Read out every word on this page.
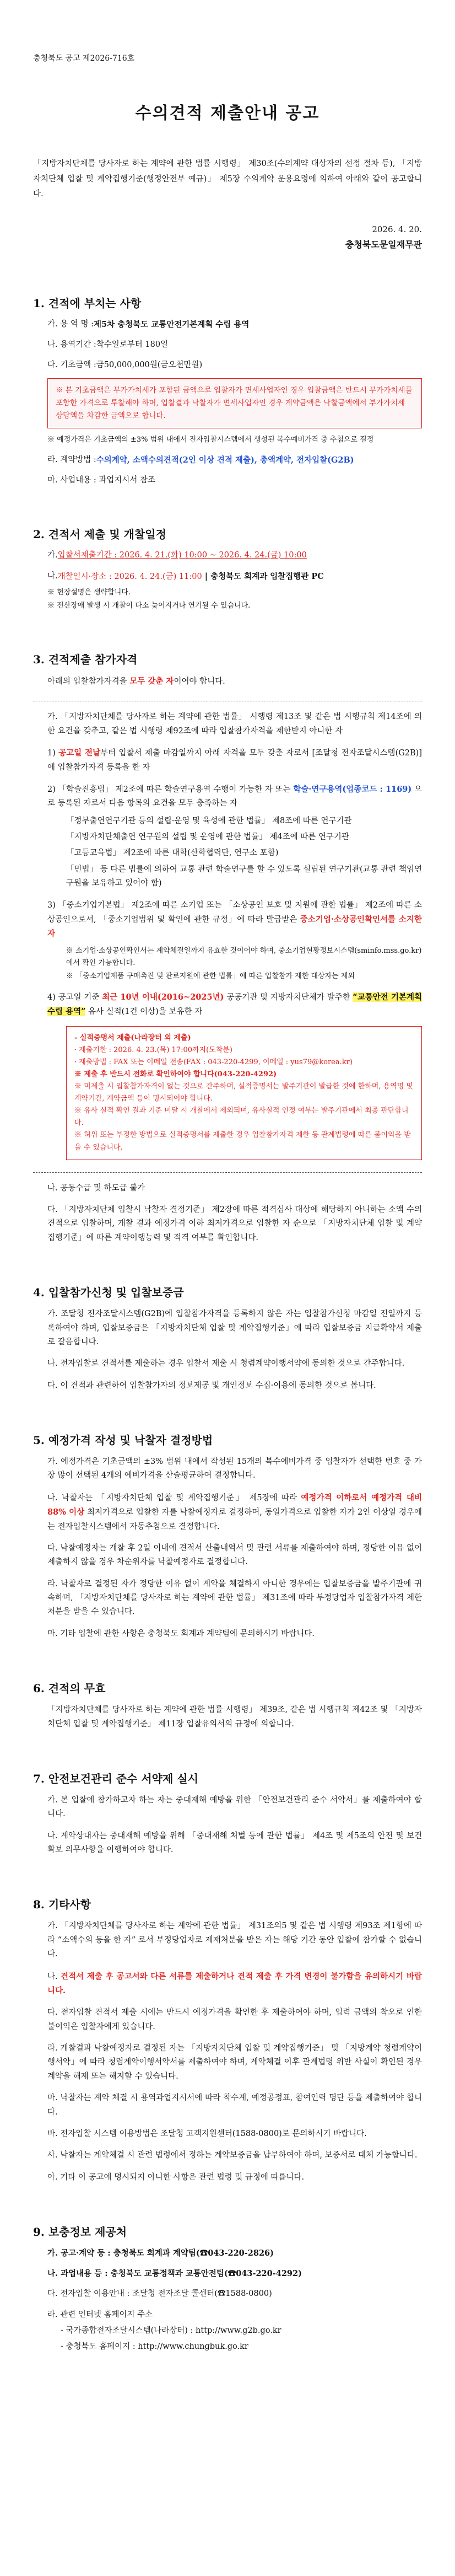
충청북도 공고 제2026-716호
수의견적 제출안내 공고
「지방자치단체를 당사자로 하는 계약에 관한 법률 시행령」 제30조(수의계약 대상자의 선정 절차 등), 「지방자치단체 입찰 및 계약집행기준(행정안전부 예규)」 제5장 수의계약 운용요령에 의하여 아래와 같이 공고합니다.
2026. 4. 20.
충청북도문일재무관
1. 견적에 부치는 사항
가. 용 역 명 : 제5차 충청북도 교통안전기본계획 수립 용역
나. 용역기간 : 착수일로부터 180일
다. 기초금액 : 금50,000,000원(금오천만원)
※ 본 기초금액은 부가가치세가 포함된 금액으로 입찰자가 면세사업자인 경우 입찰금액은 반드시 부가가치세를 포함한 가격으로 투찰해야 하며, 입찰결과 낙찰자가 면세사업자인 경우 계약금액은 낙찰금액에서 부가가치세 상당액을 차감한 금액으로 합니다.
※ 예정가격은 기초금액의 ±3% 범위 내에서 전자입찰시스템에서 생성된 복수예비가격 중 추첨으로 결정
라. 계약방법 : 수의계약, 소액수의견적(2인 이상 견적 제출), 총액계약, 전자입찰(G2B)
마. 사업내용 : 과업지시서 참조
2. 견적서 제출 및 개찰일정
가. 입찰서제출기간 : 2026. 4. 21.(화) 10:00 ~ 2026. 4. 24.(금) 10:00
나. 개찰일시·장소 : 2026. 4. 24.(금) 11:00 | 충청북도 회계과 입찰집행관 PC
※ 현장설명은 생략합니다.
※ 전산장애 발생 시 개찰이 다소 늦어지거나 연기될 수 있습니다.
3. 견적제출 참가자격
아래의 입찰참가자격을 모두 갖춘 자이어야 합니다.
가. 「지방자치단체를 당사자로 하는 계약에 관한 법률」 시행령 제13조 및 같은 법 시행규칙 제14조에 의한 요건을 갖추고, 같은 법 시행령 제92조에 따라 입찰참가자격을 제한받지 아니한 자
1) 공고일 전날부터 입찰서 제출 마감일까지 아래 자격을 모두 갖춘 자로서 [조달청 전자조달시스템(G2B)]에 입찰참가자격 등록을 한 자
2) 「학술진흥법」 제2조에 따른 학술연구용역 수행이 가능한 자 또는 학술·연구용역(업종코드 : 1169) 으로 등록된 자로서 다음 항목의 요건을 모두 충족하는 자
「정부출연연구기관 등의 설립·운영 및 육성에 관한 법률」 제8조에 따른 연구기관
「지방자치단체출연 연구원의 설립 및 운영에 관한 법률」 제4조에 따른 연구기관
「고등교육법」 제2조에 따른 대학(산학협력단, 연구소 포함)
「민법」 등 다른 법률에 의하여 교통 관련 학술연구를 할 수 있도록 설립된 연구기관(교통 관련 책임연구원을 보유하고 있어야 함)
3) 「중소기업기본법」 제2조에 따른 소기업 또는 「소상공인 보호 및 지원에 관한 법률」 제2조에 따른 소상공인으로서, 「중소기업범위 및 확인에 관한 규정」에 따라 발급받은 중소기업·소상공인확인서를 소지한 자
※ 소기업·소상공인확인서는 계약체결일까지 유효한 것이어야 하며, 중소기업현황정보시스템(sminfo.mss.go.kr)에서 확인 가능합니다.
※ 「중소기업제품 구매촉진 및 판로지원에 관한 법률」에 따른 입찰참가 제한 대상자는 제외
4) 공고일 기준 최근 10년 이내(2016~2025년) 공공기관 및 지방자치단체가 발주한 “교통안전 기본계획 수립 용역” 유사 실적(1건 이상)을 보유한 자
- 실적증명서 제출(나라장터 외 제출)
· 제출기한 : 2026. 4. 23.(목) 17:00까지(도착분)
· 제출방법 : FAX 또는 이메일 전송(FAX : 043-220-4299, 이메일 : yus79@korea.kr)
※ 제출 후 반드시 전화로 확인하여야 합니다(043-220-4292)
※ 미제출 시 입찰참가자격이 없는 것으로 간주하며, 실적증명서는 발주기관이 발급한 것에 한하며, 용역명 및 계약기간, 계약금액 등이 명시되어야 합니다.
※ 유사 실적 확인 결과 기준 미달 시 개찰에서 제외되며, 유사실적 인정 여부는 발주기관에서 최종 판단합니다.
※ 허위 또는 부정한 방법으로 실적증명서를 제출한 경우 입찰참가자격 제한 등 관계법령에 따른 불이익을 받을 수 있습니다.
나. 공동수급 및 하도급 불가
다. 「지방자치단체 입찰시 낙찰자 결정기준」 제2장에 따른 적격심사 대상에 해당하지 아니하는 소액 수의견적으로 입찰하며, 개찰 결과 예정가격 이하 최저가격으로 입찰한 자 순으로 「지방자치단체 입찰 및 계약집행기준」에 따른 계약이행능력 및 적격 여부를 확인합니다.
4. 입찰참가신청 및 입찰보증금
가. 조달청 전자조달시스템(G2B)에 입찰참가자격을 등록하지 않은 자는 입찰참가신청 마감일 전일까지 등록하여야 하며, 입찰보증금은 「지방자치단체 입찰 및 계약집행기준」에 따라 입찰보증금 지급확약서 제출로 갈음합니다.
나. 전자입찰로 견적서를 제출하는 경우 입찰서 제출 시 청렴계약이행서약에 동의한 것으로 간주합니다.
다. 이 견적과 관련하여 입찰참가자의 정보제공 및 개인정보 수집·이용에 동의한 것으로 봅니다.
5. 예정가격 작성 및 낙찰자 결정방법
가. 예정가격은 기초금액의 ±3% 범위 내에서 작성된 15개의 복수예비가격 중 입찰자가 선택한 번호 중 가장 많이 선택된 4개의 예비가격을 산술평균하여 결정합니다.
나. 낙찰자는 「지방자치단체 입찰 및 계약집행기준」 제5장에 따라 예정가격 이하로서 예정가격 대비 88% 이상 최저가격으로 입찰한 자를 낙찰예정자로 결정하며, 동일가격으로 입찰한 자가 2인 이상일 경우에는 전자입찰시스템에서 자동추첨으로 결정합니다.
다. 낙찰예정자는 개찰 후 2일 이내에 견적서 산출내역서 및 관련 서류를 제출하여야 하며, 정당한 이유 없이 제출하지 않을 경우 차순위자를 낙찰예정자로 결정합니다.
라. 낙찰자로 결정된 자가 정당한 이유 없이 계약을 체결하지 아니한 경우에는 입찰보증금을 발주기관에 귀속하며, 「지방자치단체를 당사자로 하는 계약에 관한 법률」 제31조에 따라 부정당업자 입찰참가자격 제한 처분을 받을 수 있습니다.
마. 기타 입찰에 관한 사항은 충청북도 회계과 계약팀에 문의하시기 바랍니다.
6. 견적의 무효
「지방자치단체를 당사자로 하는 계약에 관한 법률 시행령」 제39조, 같은 법 시행규칙 제42조 및 「지방자치단체 입찰 및 계약집행기준」 제11장 입찰유의서의 규정에 의합니다.
7. 안전보건관리 준수 서약제 실시
가. 본 입찰에 참가하고자 하는 자는 중대재해 예방을 위한 「안전보건관리 준수 서약서」를 제출하여야 합니다.
나. 계약상대자는 중대재해 예방을 위해 「중대재해 처벌 등에 관한 법률」 제4조 및 제5조의 안전 및 보건 확보 의무사항을 이행하여야 합니다.
8. 기타사항
가. 「지방자치단체를 당사자로 하는 계약에 관한 법률」 제31조의5 및 같은 법 시행령 제93조 제1항에 따라 “소액수의 등을 한 자” 로서 부정당업자로 제재처분을 받은 자는 해당 기간 동안 입찰에 참가할 수 없습니다.
나. 견적서 제출 후 공고서와 다른 서류를 제출하거나 견적 제출 후 가격 변경이 불가함을 유의하시기 바랍니다.
다. 전자입찰 견적서 제출 시에는 반드시 예정가격을 확인한 후 제출하여야 하며, 입력 금액의 착오로 인한 불이익은 입찰자에게 있습니다.
라. 개찰결과 낙찰예정자로 결정된 자는 「지방자치단체 입찰 및 계약집행기준」 및 「지방계약 청렴계약이행서약」에 따라 청렴계약이행서약서를 제출하여야 하며, 계약체결 이후 관계법령 위반 사실이 확인된 경우 계약을 해제 또는 해지할 수 있습니다.
마. 낙찰자는 계약 체결 시 용역과업지시서에 따라 착수계, 예정공정표, 참여인력 명단 등을 제출하여야 합니다.
바. 전자입찰 시스템 이용방법은 조달청 고객지원센터(1588-0800)로 문의하시기 바랍니다.
사. 낙찰자는 계약체결 시 관련 법령에서 정하는 계약보증금을 납부하여야 하며, 보증서로 대체 가능합니다.
아. 기타 이 공고에 명시되지 아니한 사항은 관련 법령 및 규정에 따릅니다.
9. 보충정보 제공처
가. 공고·계약 등 : 충청북도 회계과 계약팀(☎043-220-2826)
나. 과업내용 등 : 충청북도 교통정책과 교통안전팀(☎043-220-4292)
다. 전자입찰 이용안내 : 조달청 전자조달 콜센터(☎1588-0800)
라. 관련 인터넷 홈페이지 주소
- 국가종합전자조달시스템(나라장터) : http://www.g2b.go.kr
- 충청북도 홈페이지 : http://www.chungbuk.go.kr
